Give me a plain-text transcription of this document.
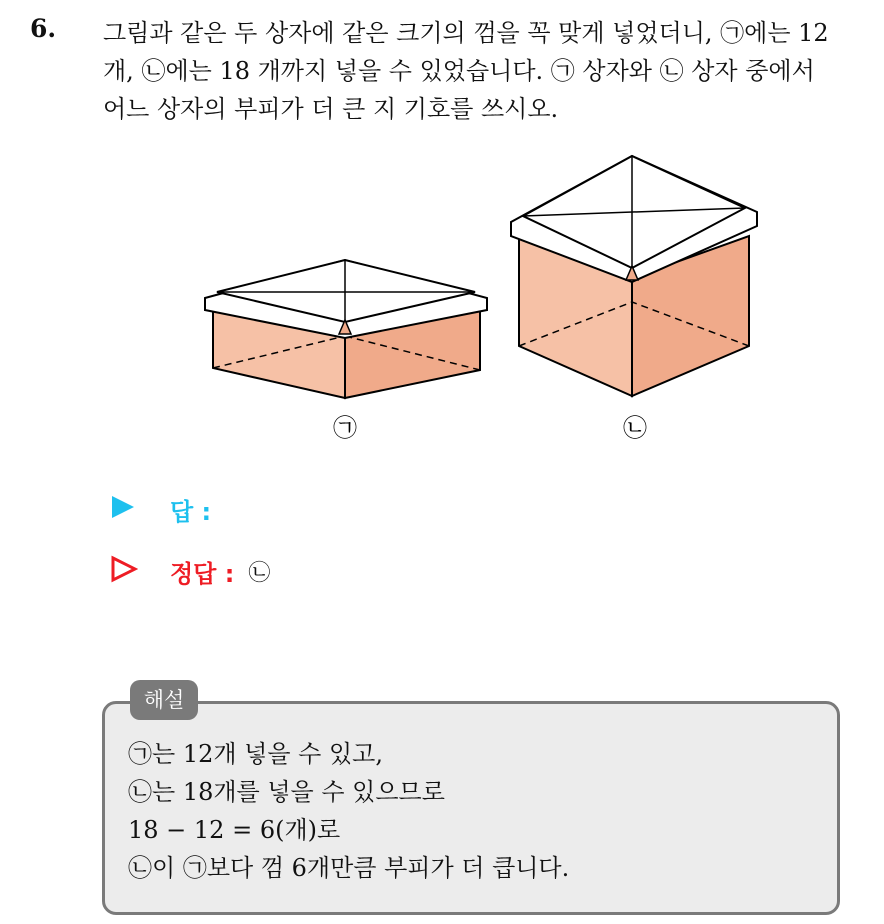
6. 그림과 같은 두 상자에 같은 크기의 껌을 꼭 맞게 넣었더니, ㉠에는 12
개, ㉡에는 18 개까지 넣을 수 있었습니다. ㉠ 상자와 ㉡ 상자 중에서
어느 상자의 부피가 더 큰 지 기호를 쓰시오.
㉠	㉡
답 :
정답 : ㉡
해설
㉠는 12개 넣을 수 있고,
㉡는 18개를 넣을 수 있으므로
18 − 12 = 6(개)로
㉡이 ㉠보다 껌 6개만큼 부피가 더 큽니다.
